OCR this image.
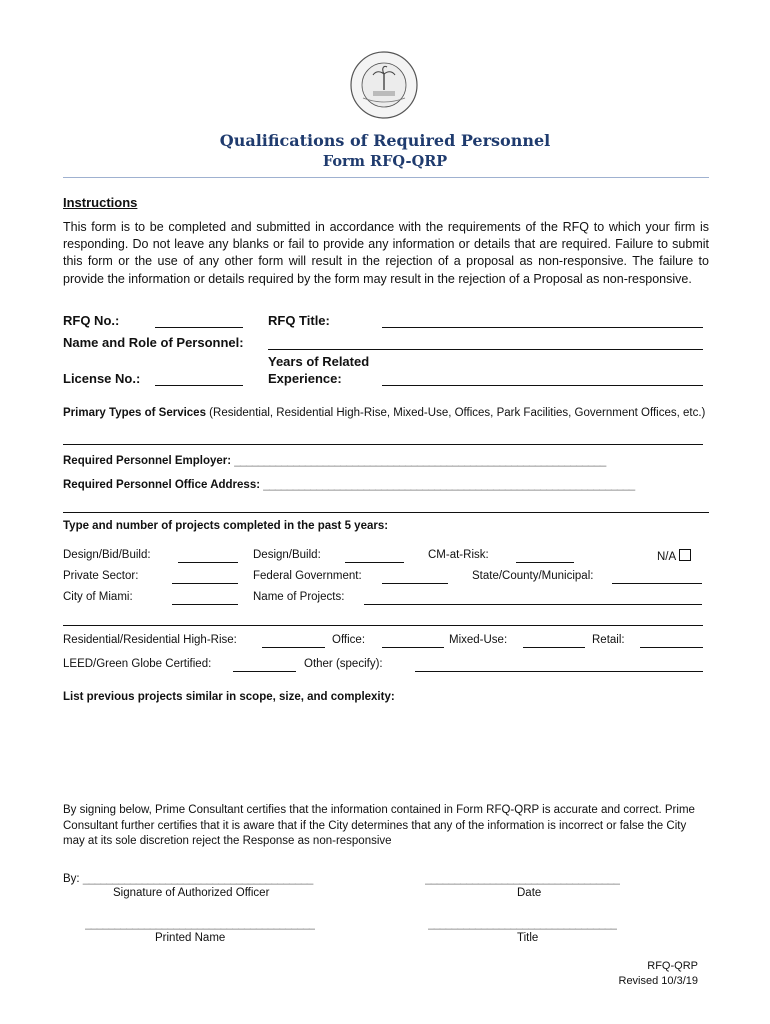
Qualifications of Required Personnel
Form RFQ-QRP
Instructions
This form is to be completed and submitted in accordance with the requirements of the RFQ to which your firm is responding. Do not leave any blanks or fail to provide any information or details that are required. Failure to submit this form or the use of any other form will result in the rejection of a proposal as non-responsive. The failure to provide the information or details required by the form may result in the rejection of a Proposal as non-responsive.
RFQ No.:	RFQ Title:
Name and Role of Personnel:
License No.:
Years of Related
Experience:
Primary Types of Services (Residential, Residential High-Rise, Mixed-Use, Offices, Park Facilities, Government Offices, etc.)
Required Personnel Employer: _______________________________________________________________
Required Personnel Office Address: _______________________________________________________________
Type and number of projects completed in the past 5 years:
Design/Bid/Build:	Design/Build:	CM-at-Risk:	N/A
Private Sector:	Federal Government:	State/County/Municipal:
City of Miami:	Name of Projects:
Residential/Residential High-Rise:	Office:	Mixed-Use:	Retail:
LEED/Green Globe Certified:	Other (specify):
List previous projects similar in scope, size, and complexity:
By signing below, Prime Consultant certifies that the information contained in Form RFQ-QRP is accurate and correct. Prime Consultant further certifies that it is aware that if the City determines that any of the information is incorrect or false the City may at its sole discretion reject the Response as non-responsive
By: _______________________________________
Signature of Authorized Officer
_________________________________
Date
_______________________________________
Printed Name
________________________________
Title
RFQ-QRP
Revised 10/3/19
